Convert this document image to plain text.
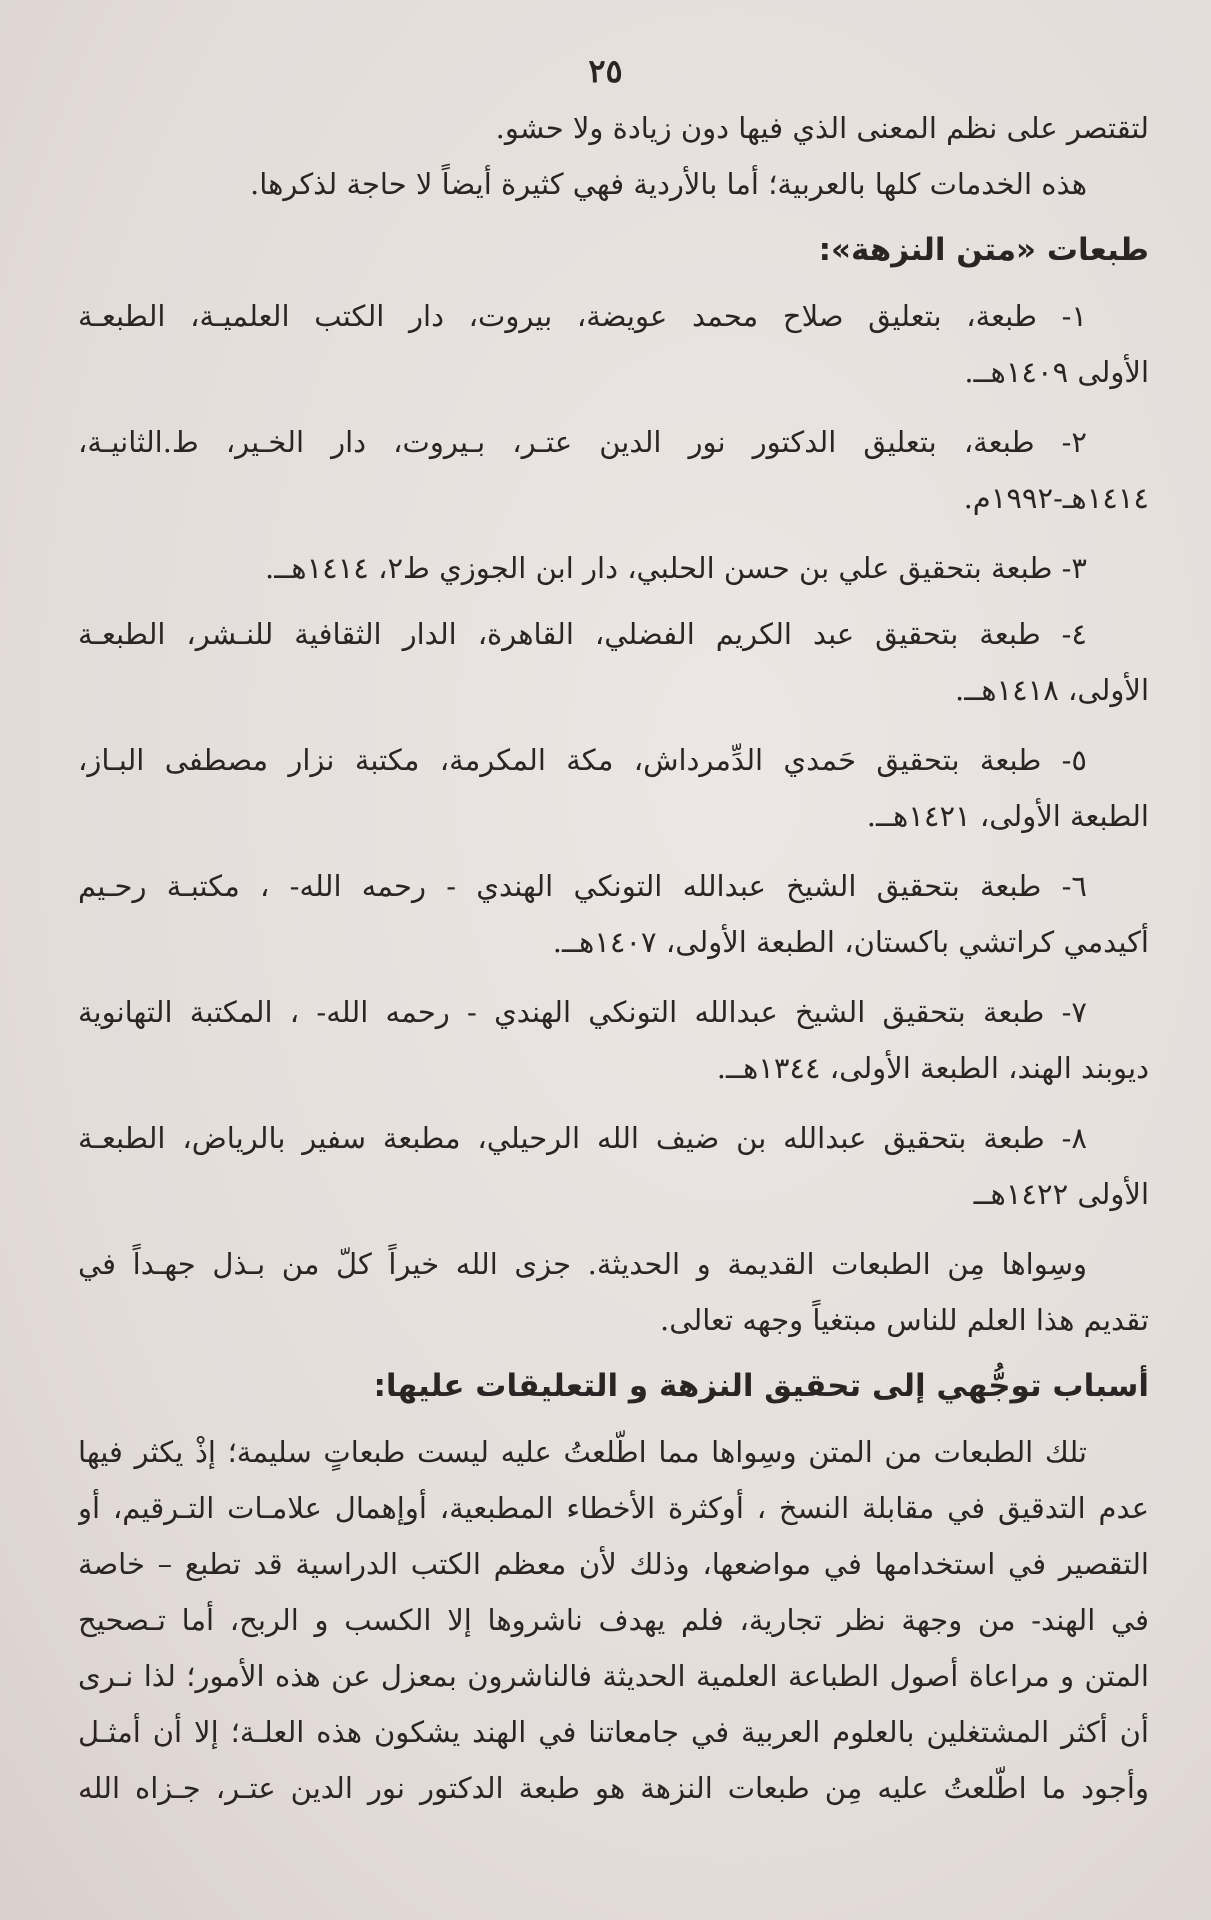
٢٥
لتقتصر على نظم المعنى الذي فيها دون زيادة ولا حشو.
هذه الخدمات كلها بالعربية؛ أما بالأردية فهي كثيرة أيضاً لا حاجة لذكرها.
طبعات «متن النزهة»:
١- طبعة، بتعليق صلاح محمد عويضة، بيروت، دار الكتب العلميـة، الطبعـة
الأولى ١٤٠٩هــ.
٢- طبعة، بتعليق الدكتور نور الدين عتـر، بـيروت، دار الخـير، ط.الثانيـة،
١٤١٤هـ-١٩٩٢م.
٣- طبعة بتحقيق علي بن حسن الحلبي، دار ابن الجوزي ط٢، ١٤١٤هــ.
٤- طبعة بتحقيق عبد الكريم الفضلي، القاهرة، الدار الثقافية للنـشر، الطبعـة
الأولى، ١٤١٨هــ.
٥- طبعة بتحقيق حَمدي الدِّمرداش، مكة المكرمة، مكتبة نزار مصطفى البـاز،
الطبعة الأولى، ١٤٢١هــ.
٦- طبعة بتحقيق الشيخ عبدالله التونكي الهندي - رحمه الله- ، مكتبـة رحـيم
أكيدمي كراتشي باكستان، الطبعة الأولى، ١٤٠٧هــ.
٧- طبعة بتحقيق الشيخ عبدالله التونكي الهندي - رحمه الله- ، المكتبة التهانوية
ديوبند الهند، الطبعة الأولى، ١٣٤٤هــ.
٨- طبعة بتحقيق عبدالله بن ضيف الله الرحيلي، مطبعة سفير بالرياض، الطبعـة
الأولى ١٤٢٢هــ
وسِواها مِن الطبعات القديمة و الحديثة. جزى الله خيراً كلّ من بـذل جهـداً في
تقديم هذا العلم للناس مبتغياً وجهه تعالى.
أسباب توجُّهي إلى تحقيق النزهة و التعليقات عليها:
تلك الطبعات من المتن وسِواها مما اطّلعتُ عليه ليست طبعاتٍ سليمة؛ إذْ يكثر فيها
عدم التدقيق في مقابلة النسخ ، أوكثرة الأخطاء المطبعية، أوإهمال علامـات التـرقيم، أو
التقصير في استخدامها في مواضعها، وذلك لأن معظم الكتب الدراسية قد تطبع – خاصة
في الهند- من وجهة نظر تجارية، فلم يهدف ناشروها إلا الكسب و الربح، أما تـصحيح
المتن و مراعاة أصول الطباعة العلمية الحديثة فالناشرون بمعزل عن هذه الأمور؛ لذا نـرى
أن أكثر المشتغلين بالعلوم العربية في جامعاتنا في الهند يشكون هذه العلـة؛ إلا أن أمثـل
وأجود ما اطّلعتُ عليه مِن طبعات النزهة هو طبعة الدكتور نور الدين عتـر، جـزاه الله
